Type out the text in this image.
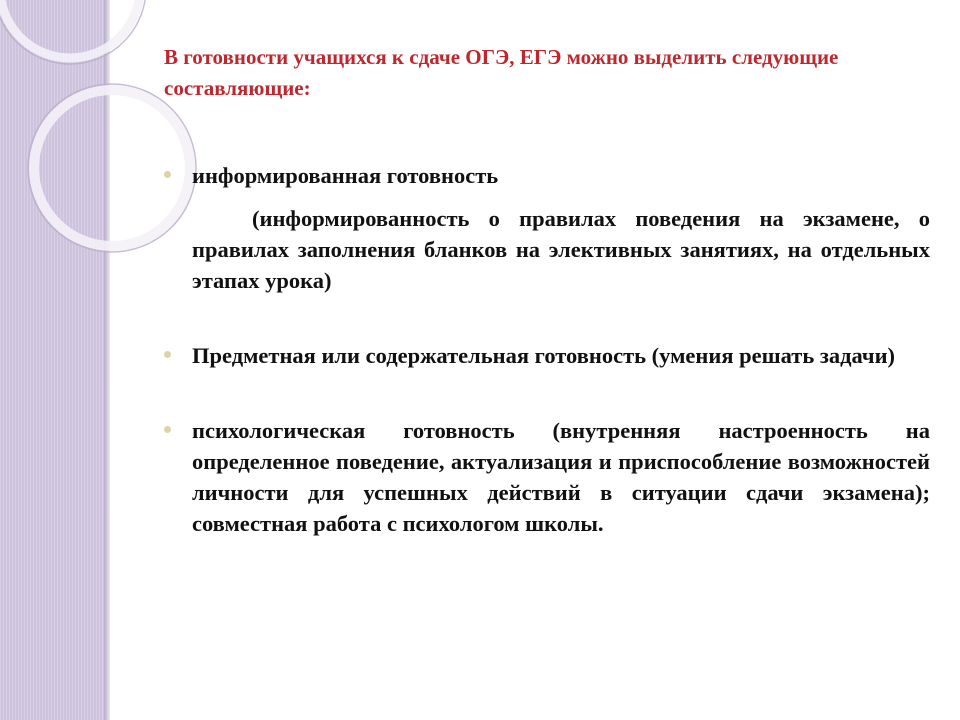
В готовности учащихся к сдаче ОГЭ, ЕГЭ можно выделить следующие составляющие:
информированная готовность
(информированность о правилах поведения на экзамене, о правилах заполнения бланков на элективных занятиях, на отдельных этапах урока)
Предметная или содержательная готовность (умения решать задачи)
психологическая готовность (внутренняя настроенность на определенное поведение, актуализация и приспособление возможностей личности для успешных действий в ситуации сдачи экзамена); совместная работа с психологом школы.
